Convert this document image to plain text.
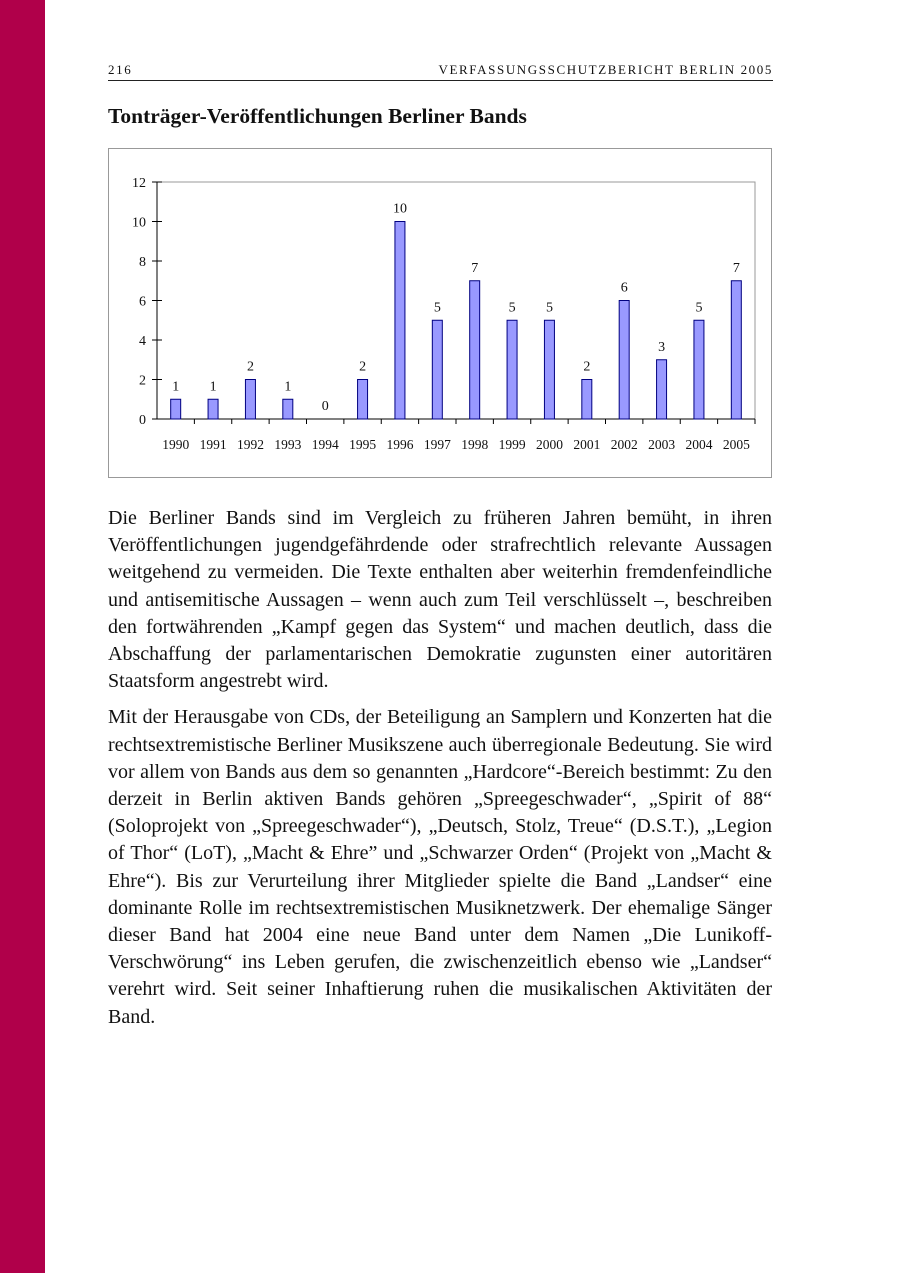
216	VERFASSUNGSSCHUTZBERICHT BERLIN 2005
Tonträger-Veröffentlichungen Berliner Bands
0
2
4
6
8
10
12
1
1990
1
1991
2
1992
1
1993
0
1994
2
1995
10
1996
5
1997
7
1998
5
1999
5
2000
2
2001
6
2002
3
2003
5
2004
7
2005

Die Berliner Bands sind im Vergleich zu früheren Jahren bemüht, in ihren Veröffentlichungen jugendgefährdende oder strafrechtlich relevante Aussagen weitgehend zu vermeiden. Die Texte enthalten aber weiterhin fremdenfeindliche und antisemitische Aussagen – wenn auch zum Teil verschlüsselt –, beschreiben den fortwährenden „Kampf gegen das System“ und machen deutlich, dass die Abschaffung der parlamentarischen Demokratie zugunsten einer autoritären Staatsform angestrebt wird.

Mit der Herausgabe von CDs, der Beteiligung an Samplern und Konzerten hat die rechtsextremistische Berliner Musikszene auch überregionale Bedeutung. Sie wird vor allem von Bands aus dem so genannten „Hardcore“-Bereich bestimmt: Zu den derzeit in Berlin aktiven Bands gehören „Spreegeschwader“, „Spirit of 88“ (Soloprojekt von „Spreegeschwader“), „Deutsch, Stolz, Treue“ (D.S.T.), „Legion of Thor“ (LoT), „Macht & Ehre” und „Schwarzer Orden“ (Projekt von „Macht & Ehre“). Bis zur Verurteilung ihrer Mitglieder spielte die Band „Landser“ eine dominante Rolle im rechtsextremistischen Musiknetzwerk. Der ehemalige Sänger dieser Band hat 2004 eine neue Band unter dem Namen „Die Lunikoff-Verschwörung“ ins Leben gerufen, die zwischenzeitlich ebenso wie „Landser“ verehrt wird. Seit seiner Inhaftierung ruhen die musikalischen Aktivitäten der Band.
